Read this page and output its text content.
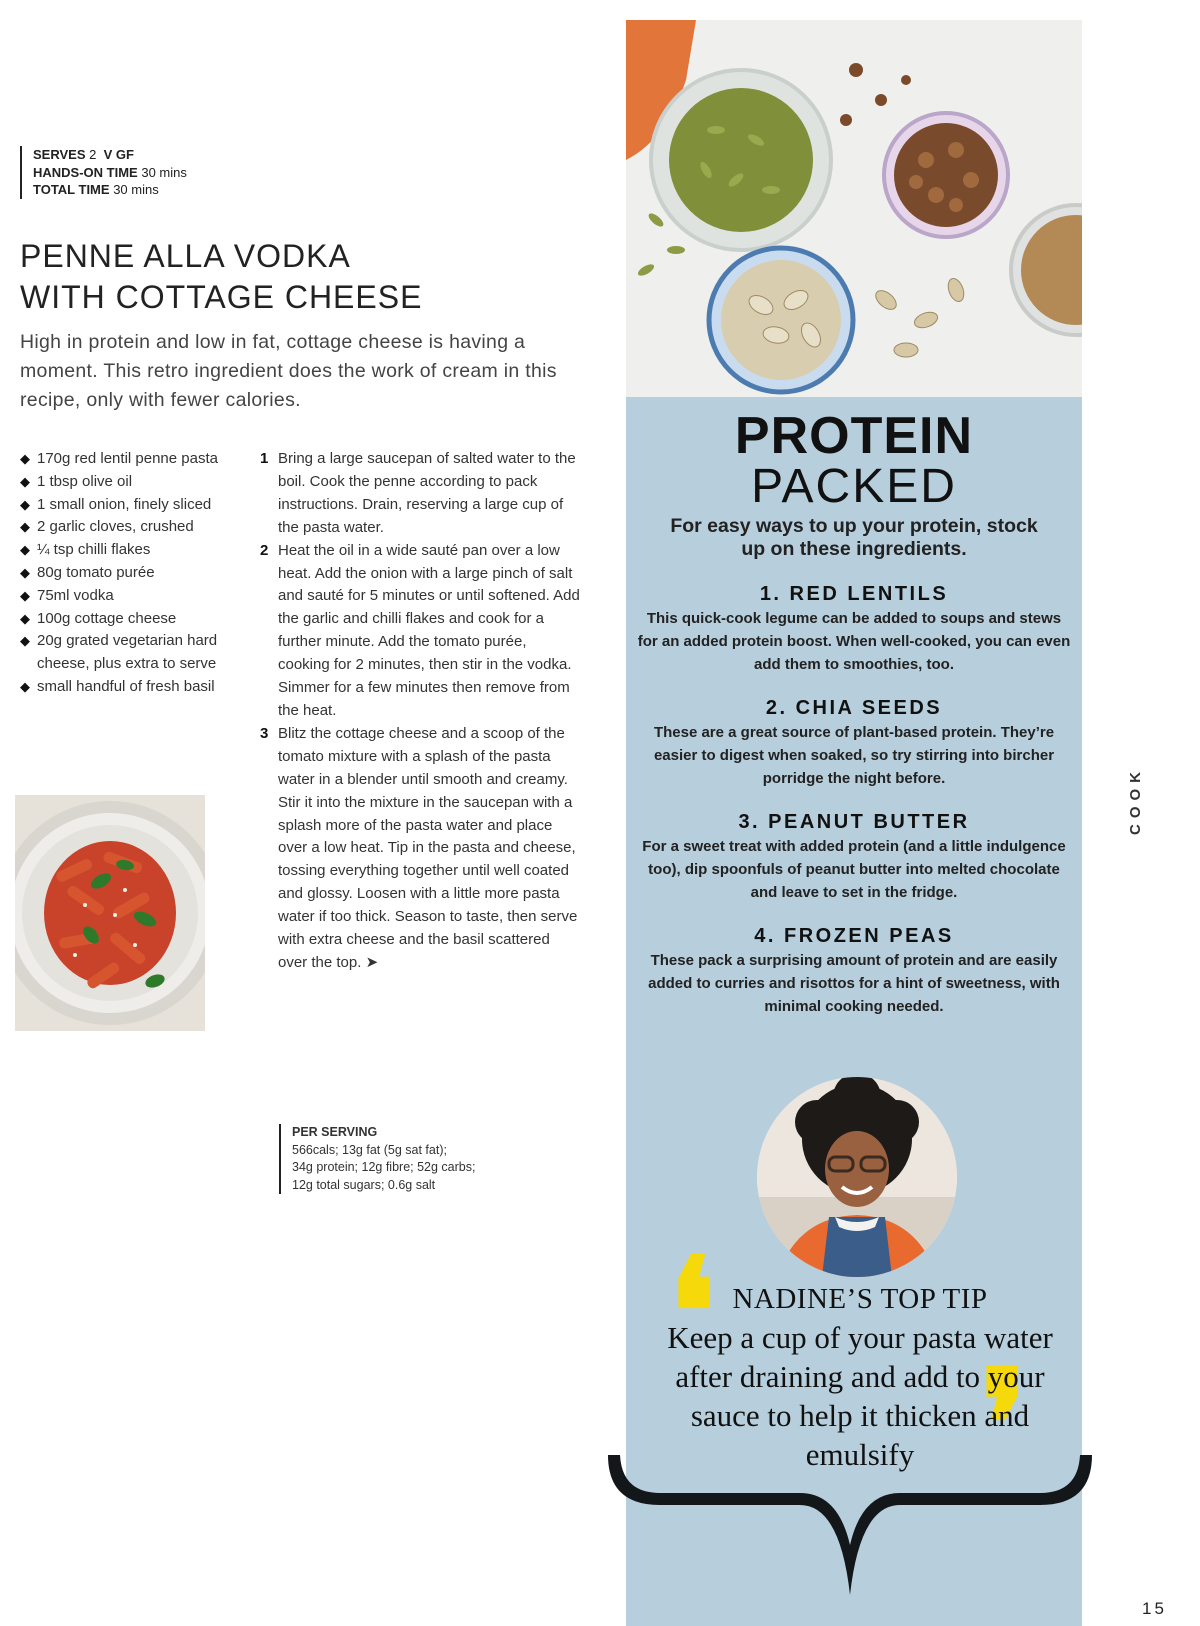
SERVES 2 V GF
HANDS-ON TIME 30 mins
TOTAL TIME 30 mins
PENNE ALLA VODKA
WITH COTTAGE CHEESE
High in protein and low in fat, cottage cheese is having a moment. This retro ingredient does the work of cream in this recipe, only with fewer calories.
◆ 170g red lentil penne pasta
◆ 1 tbsp olive oil
◆ 1 small onion, finely sliced
◆ 2 garlic cloves, crushed
◆ ¼ tsp chilli flakes
◆ 80g tomato purée
◆ 75ml vodka
◆ 100g cottage cheese
◆ 20g grated vegetarian hard cheese, plus extra to serve
◆ small handful of fresh basil
1 Bring a large saucepan of salted water to the boil. Cook the penne according to pack instructions. Drain, reserving a large cup of the pasta water.
2 Heat the oil in a wide sauté pan over a low heat. Add the onion with a large pinch of salt and sauté for 5 minutes or until softened. Add the garlic and chilli flakes and cook for a further minute. Add the tomato purée, cooking for 2 minutes, then stir in the vodka. Simmer for a few minutes then remove from the heat.
3 Blitz the cottage cheese and a scoop of the tomato mixture with a splash of the pasta water in a blender until smooth and creamy. Stir it into the mixture in the saucepan with a splash more of the pasta water and place over a low heat. Tip in the pasta and cheese, tossing everything together until well coated and glossy. Loosen with a little more pasta water if too thick. Season to taste, then serve with extra cheese and the basil scattered over the top. ➤
PER SERVING
566cals; 13g fat (5g sat fat);
34g protein; 12g fibre; 52g carbs;
12g total sugars; 0.6g salt
PROTEIN
PACKED
For easy ways to up your protein, stock up on these ingredients.
1. RED LENTILS

This quick-cook legume can be added to soups and stews for an added protein boost. When well-cooked, you can even add them to smoothies, too.

2. CHIA SEEDS

These are a great source of plant-based protein. They’re easier to digest when soaked, so try stirring into bircher porridge the night before.

3. PEANUT BUTTER

For a sweet treat with added protein (and a little indulgence too), dip spoonfuls of peanut butter into melted chocolate and leave to set in the fridge.

4. FROZEN PEAS

These pack a surprising amount of protein and are easily added to curries and risottos for a hint of sweetness, with minimal cooking needed.

❛
❜
NADINE’S TOP TIP
Keep a cup of your pasta water after draining and add to your sauce to help it thicken and emulsify
COOK
15
